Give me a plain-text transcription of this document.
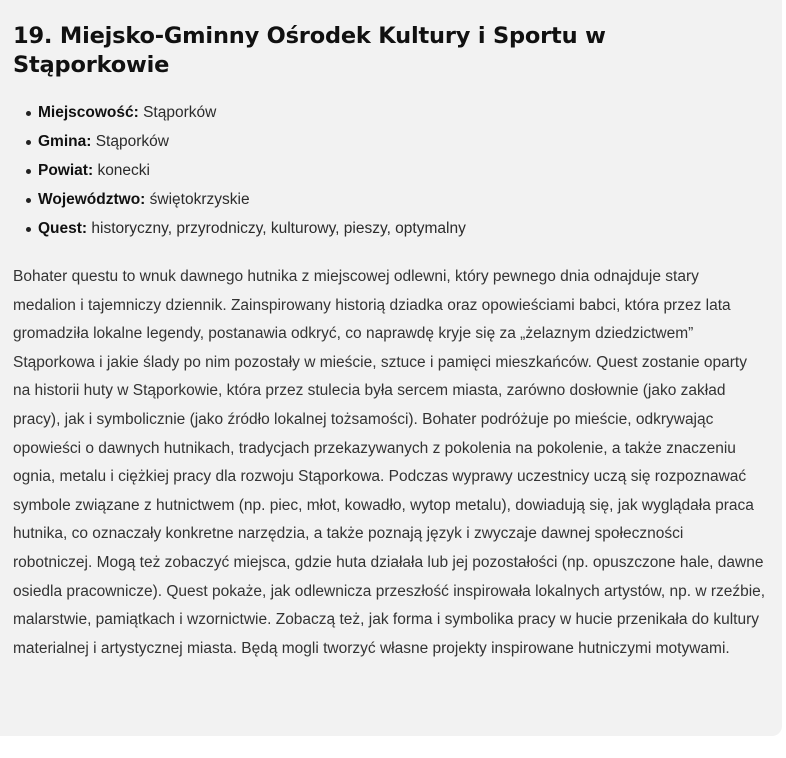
19. Miejsko-Gminny Ośrodek Kultury i Sportu w Stąporkowie
Miejscowość: Stąporków
Gmina: Stąporków
Powiat: konecki
Województwo: świętokrzyskie
Quest: historyczny, przyrodniczy, kulturowy, pieszy, optymalny

Bohater questu to wnuk dawnego hutnika z miejscowej odlewni, który pewnego dnia odnajduje stary medalion i tajemniczy dziennik. Zainspirowany historią dziadka oraz opowieściami babci, która przez lata gromadziła lokalne legendy, postanawia odkryć, co naprawdę kryje się za „żelaznym dziedzictwem” Stąporkowa i jakie ślady po nim pozostały w mieście, sztuce i pamięci mieszkańców. Quest zostanie oparty na historii huty w Stąporkowie, która przez stulecia była sercem miasta, zarówno dosłownie (jako zakład pracy), jak i symbolicznie (jako źródło lokalnej tożsamości). Bohater podróżuje po mieście, odkrywając opowieści o dawnych hutnikach, tradycjach przekazywanych z pokolenia na pokolenie, a także znaczeniu ognia, metalu i ciężkiej pracy dla rozwoju Stąporkowa. Podczas wyprawy uczestnicy uczą się rozpoznawać symbole związane z hutnictwem (np. piec, młot, kowadło, wytop metalu), dowiadują się, jak wyglądała praca hutnika, co oznaczały konkretne narzędzia, a także poznają język i zwyczaje dawnej społeczności robotniczej. Mogą też zobaczyć miejsca, gdzie huta działała lub jej pozostałości (np. opuszczone hale, dawne osiedla pracownicze). Quest pokaże, jak odlewnicza przeszłość inspirowała lokalnych artystów, np. w rzeźbie, malarstwie, pamiątkach i wzornictwie. Zobaczą też, jak forma i symbolika pracy w hucie przenikała do kultury materialnej i artystycznej miasta. Będą mogli tworzyć własne projekty inspirowane hutniczymi motywami.
